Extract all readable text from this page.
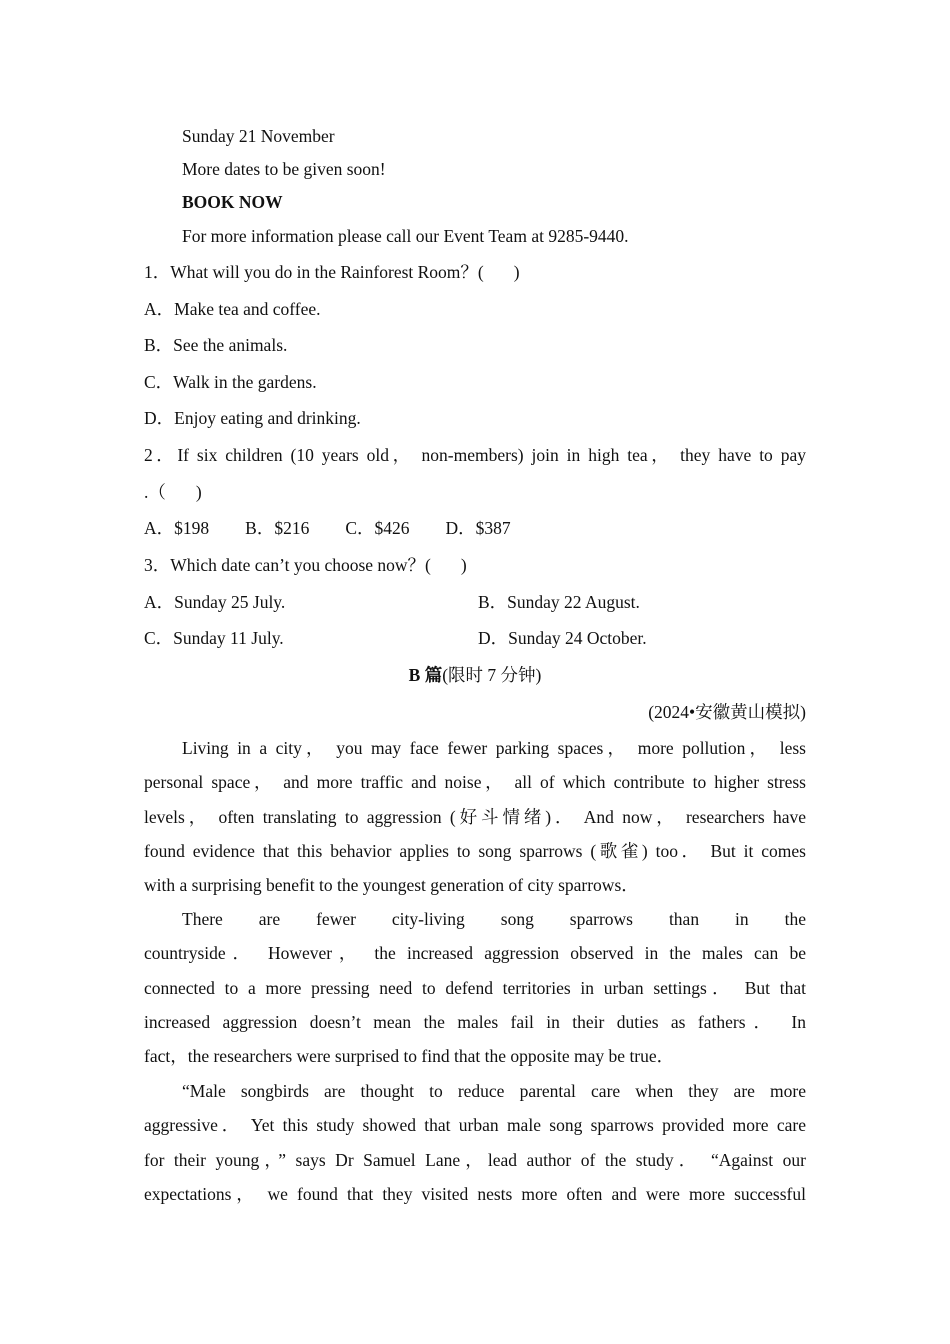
Sunday 21 November
More dates to be given soon!
BOOK NOW
For more information please call our Event Team at 9285-9440.
1．What will you do in the Rainforest Room？( )
A．Make tea and coffee.
B．See the animals.
C．Walk in the gardens.
D．Enjoy eating and drinking.
2．If six children (10 years old， non-members) join in high tea， they have to pay
.（ )
A．$198 B．$216 C．$426 D．$387
3．Which date can’t you choose now？( )
A．Sunday 25 July.	B．Sunday 22 August.
C．Sunday 11 July.	D．Sunday 24 October.
B 篇(限时 7 分钟)
(2024•安徽黄山模拟)
Living in a city， you may face fewer parking spaces， more pollution， less
personal space， and more traffic and noise， all of which contribute to higher stress
levels， often translating to aggression (好斗情绪)． And now， researchers have
found evidence that this behavior applies to song sparrows (歌雀) too． But it comes
with a surprising benefit to the youngest generation of city sparrows．
There are fewer city-living song sparrows than in the
countryside． However， the increased aggression observed in the males can be
connected to a more pressing need to defend territories in urban settings． But that
increased aggression doesn’t mean the males fail in their duties as fathers． In
fact，the researchers were surprised to find that the opposite may be true．
“Male songbirds are thought to reduce parental care when they are more
aggressive． Yet this study showed that urban male song sparrows provided more care
for their young，” says Dr Samuel Lane，lead author of the study． “Against our
expectations， we found that they visited nests more often and were more successful
